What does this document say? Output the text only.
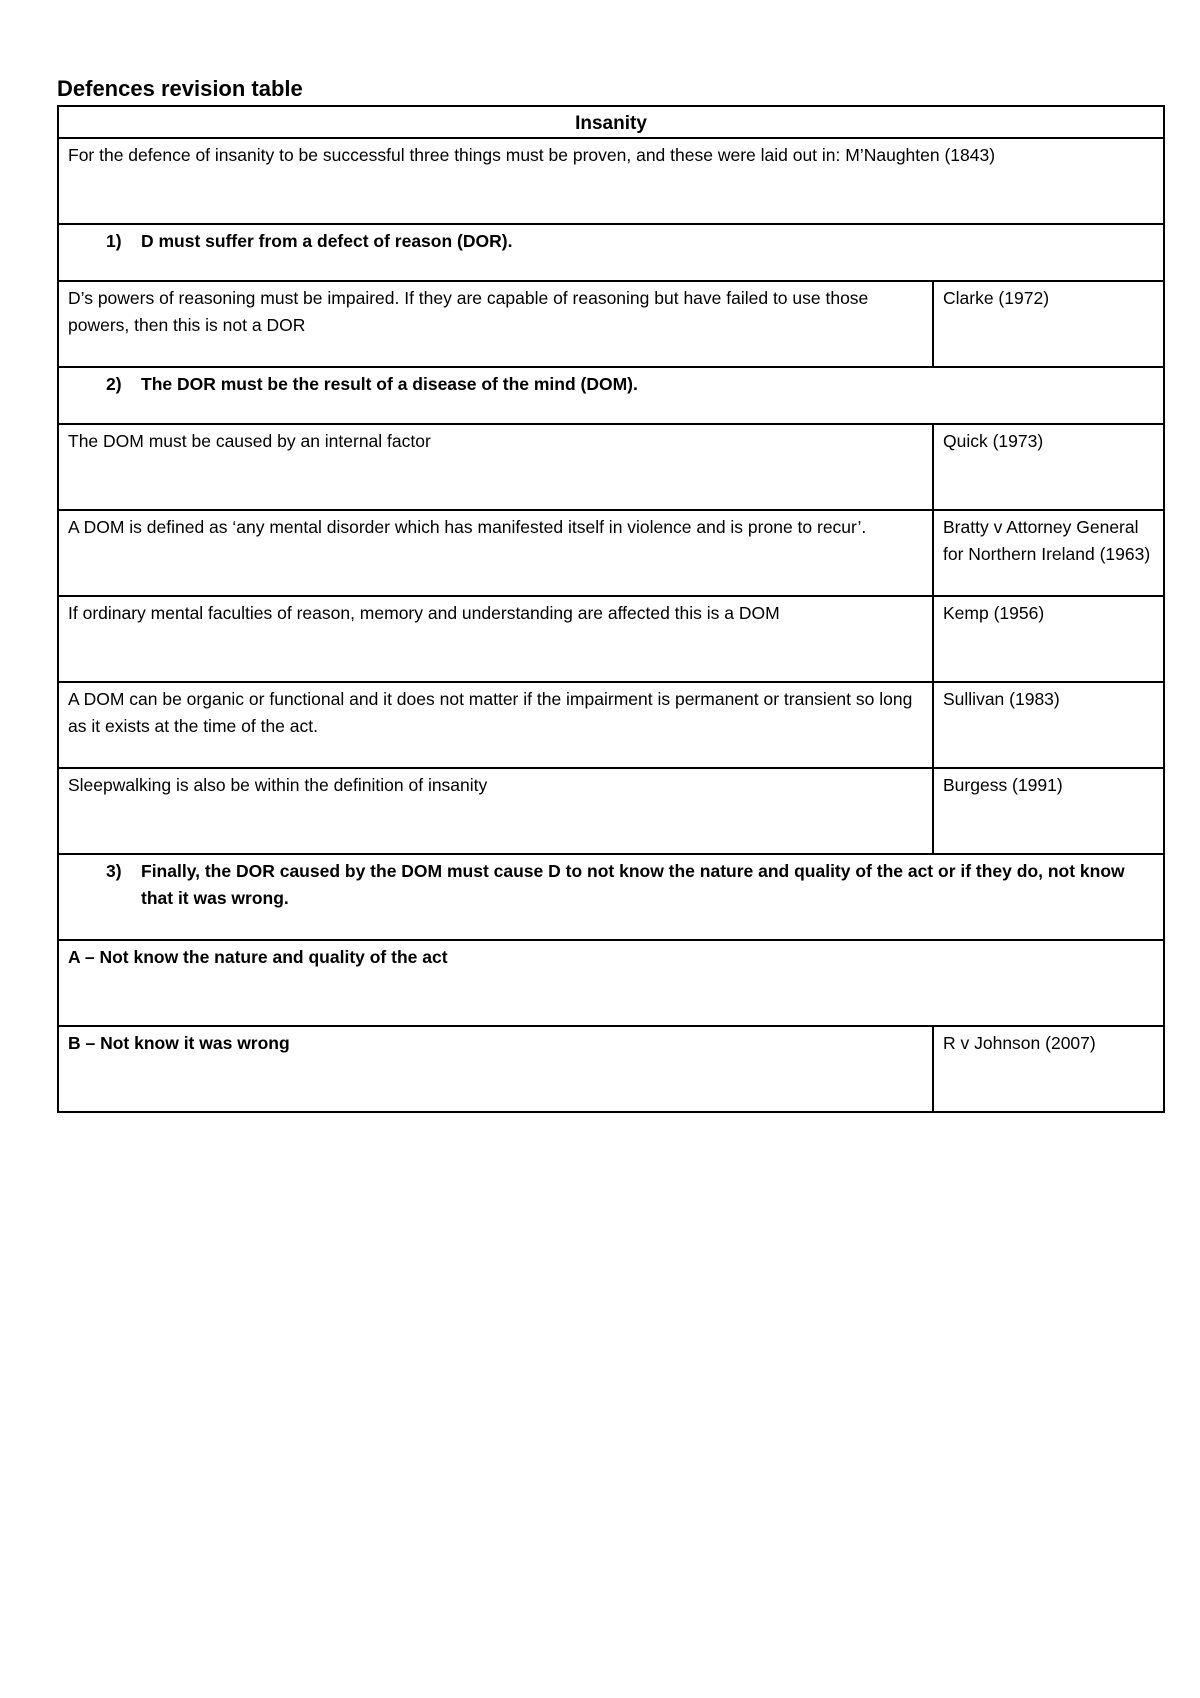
Defences revision table
Insanity	
For the defence of insanity to be successful three things must be proven, and these were laid out in: M’Naughten (1843)	

1) D must suffer from a defect of reason (DOR).	

D’s powers of reasoning must be impaired. If they are capable of reasoning but have failed to use those powers, then this is not a DOR	Clarke (1972)

2) The DOR must be the result of a disease of the mind (DOM).	

The DOM must be caused by an internal factor	Quick (1973)
A DOM is defined as ‘any mental disorder which has manifested itself in violence and is prone to recur’.	Bratty v Attorney General for Northern Ireland (1963)
If ordinary mental faculties of reason, memory and understanding are affected this is a DOM	Kemp (1956)
A DOM can be organic or functional and it does not matter if the impairment is permanent or transient so long as it exists at the time of the act.	Sullivan (1983)
Sleepwalking is also be within the definition of insanity	Burgess (1991)

3) Finally, the DOR caused by the DOM must cause D to not know the nature and quality of the act or if they do, not know that it was wrong.	

A – Not know the nature and quality of the act	
B – Not know it was wrong	R v Johnson (2007)
